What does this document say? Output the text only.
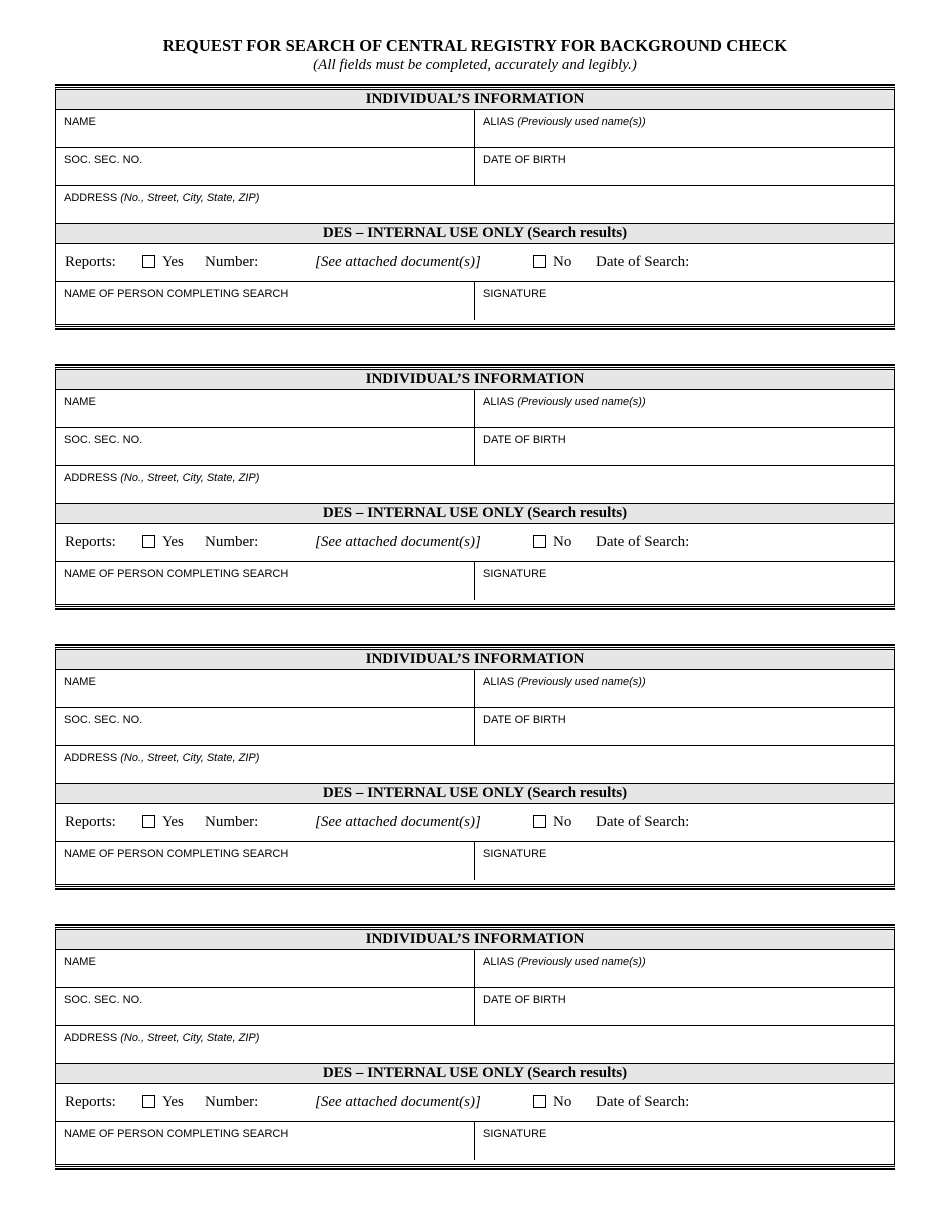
REQUEST FOR SEARCH OF CENTRAL REGISTRY FOR BACKGROUND CHECK
(All fields must be completed, accurately and legibly.)
INDIVIDUAL’S INFORMATION
NAME	ALIAS (Previously used name(s))
SOC. SEC. NO.	DATE OF BIRTH
ADDRESS (No., Street, City, State, ZIP)
DES – INTERNAL USE ONLY (Search results)
Reports:	Yes Number:	[See attached document(s)]	No Date of Search:
NAME OF PERSON COMPLETING SEARCH	SIGNATURE
INDIVIDUAL’S INFORMATION
NAME	ALIAS (Previously used name(s))
SOC. SEC. NO.	DATE OF BIRTH
ADDRESS (No., Street, City, State, ZIP)
DES – INTERNAL USE ONLY (Search results)
Reports:	Yes Number:	[See attached document(s)]	No Date of Search:
NAME OF PERSON COMPLETING SEARCH	SIGNATURE
INDIVIDUAL’S INFORMATION
NAME	ALIAS (Previously used name(s))
SOC. SEC. NO.	DATE OF BIRTH
ADDRESS (No., Street, City, State, ZIP)
DES – INTERNAL USE ONLY (Search results)
Reports:	Yes Number:	[See attached document(s)]	No Date of Search:
NAME OF PERSON COMPLETING SEARCH	SIGNATURE
INDIVIDUAL’S INFORMATION
NAME	ALIAS (Previously used name(s))
SOC. SEC. NO.	DATE OF BIRTH
ADDRESS (No., Street, City, State, ZIP)
DES – INTERNAL USE ONLY (Search results)
Reports:	Yes Number:	[See attached document(s)]	No Date of Search:
NAME OF PERSON COMPLETING SEARCH	SIGNATURE
